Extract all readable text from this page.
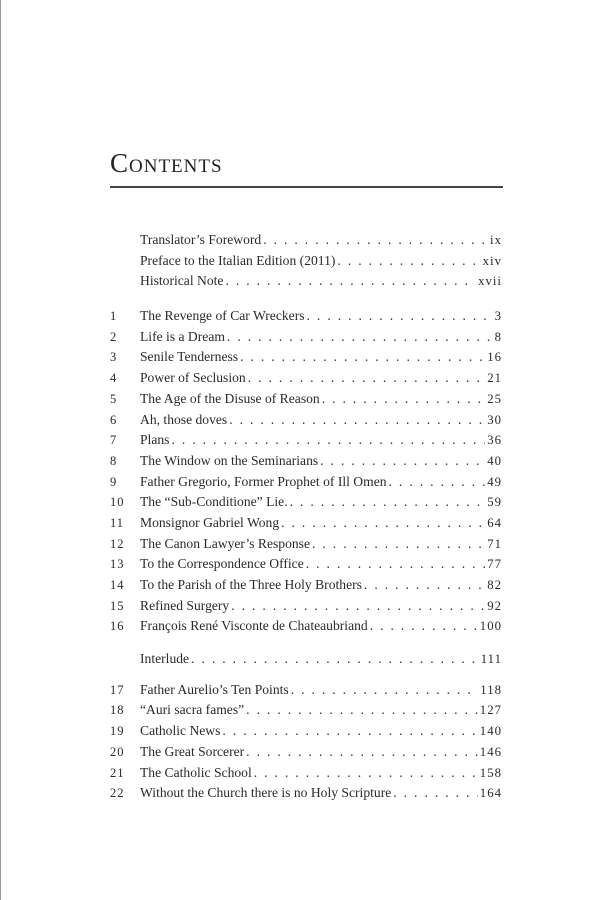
Contents
Translator’s Foreword . . .	ix
Preface to the Italian Edition (2011) . . .	xiv
Historical Note . . .	xvii
1	The Revenge of Car Wreckers . . .	3
2	Life is a Dream . . .	8
3	Senile Tenderness . . .	16
4	Power of Seclusion . . .	21
5	The Age of the Disuse of Reason . . .	25
6	Ah, those doves . . .	30
7	Plans . . .	36
8	The Window on the Seminarians . . .	40
9	Father Gregorio, Former Prophet of Ill Omen . . .	49
10	The “Sub-Conditione” Lie. . . .	59
11	Monsignor Gabriel Wong . . .	64
12	The Canon Lawyer’s Response . . .	71
13	To the Correspondence Office . . .	77
14	To the Parish of the Three Holy Brothers . . .	82
15	Refined Surgery . . .	92
16	François René Visconte de Chateaubriand . . .	100
Interlude . . .	111
17	Father Aurelio’s Ten Points . . .	118
18	“Auri sacra fames” . . .	127
19	Catholic News . . .	140
20	The Great Sorcerer . . .	146
21	The Catholic School . . .	158
22	Without the Church there is no Holy Scripture . . .	164
